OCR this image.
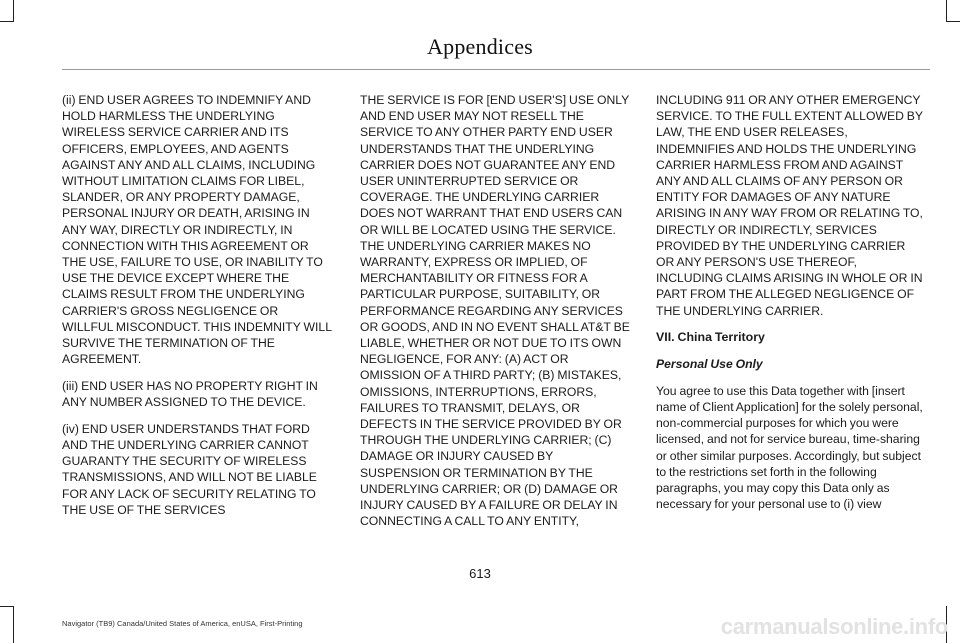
Appendices

(ii) END USER AGREES TO INDEMNIFY AND HOLD HARMLESS THE UNDERLYING WIRELESS SERVICE CARRIER AND ITS OFFICERS, EMPLOYEES, AND AGENTS AGAINST ANY AND ALL CLAIMS, INCLUDING WITHOUT LIMITATION CLAIMS FOR LIBEL, SLANDER, OR ANY PROPERTY DAMAGE, PERSONAL INJURY OR DEATH, ARISING IN ANY WAY, DIRECTLY OR INDIRECTLY, IN CONNECTION WITH THIS AGREEMENT OR THE USE, FAILURE TO USE, OR INABILITY TO USE THE DEVICE EXCEPT WHERE THE CLAIMS RESULT FROM THE UNDERLYING CARRIER'S GROSS NEGLIGENCE OR WILLFUL MISCONDUCT. THIS INDEMNITY WILL SURVIVE THE TERMINATION OF THE AGREEMENT.

(iii) END USER HAS NO PROPERTY RIGHT IN ANY NUMBER ASSIGNED TO THE DEVICE.

(iv) END USER UNDERSTANDS THAT FORD AND THE UNDERLYING CARRIER CANNOT GUARANTY THE SECURITY OF WIRELESS TRANSMISSIONS, AND WILL NOT BE LIABLE FOR ANY LACK OF SECURITY RELATING TO THE USE OF THE SERVICES

THE SERVICE IS FOR [END USER'S] USE ONLY AND END USER MAY NOT RESELL THE SERVICE TO ANY OTHER PARTY END USER UNDERSTANDS THAT THE UNDERLYING CARRIER DOES NOT GUARANTEE ANY END USER UNINTERRUPTED SERVICE OR COVERAGE. THE UNDERLYING CARRIER DOES NOT WARRANT THAT END USERS CAN OR WILL BE LOCATED USING THE SERVICE. THE UNDERLYING CARRIER MAKES NO WARRANTY, EXPRESS OR IMPLIED, OF MERCHANTABILITY OR FITNESS FOR A PARTICULAR PURPOSE, SUITABILITY, OR PERFORMANCE REGARDING ANY SERVICES OR GOODS, AND IN NO EVENT SHALL AT&T BE LIABLE, WHETHER OR NOT DUE TO ITS OWN NEGLIGENCE, FOR ANY: (A) ACT OR OMISSION OF A THIRD PARTY; (B) MISTAKES, OMISSIONS, INTERRUPTIONS, ERRORS, FAILURES TO TRANSMIT, DELAYS, OR DEFECTS IN THE SERVICE PROVIDED BY OR THROUGH THE UNDERLYING CARRIER; (C) DAMAGE OR INJURY CAUSED BY SUSPENSION OR TERMINATION BY THE UNDERLYING CARRIER; OR (D) DAMAGE OR INJURY CAUSED BY A FAILURE OR DELAY IN CONNECTING A CALL TO ANY ENTITY,

INCLUDING 911 OR ANY OTHER EMERGENCY SERVICE. TO THE FULL EXTENT ALLOWED BY LAW, THE END USER RELEASES, INDEMNIFIES AND HOLDS THE UNDERLYING CARRIER HARMLESS FROM AND AGAINST ANY AND ALL CLAIMS OF ANY PERSON OR ENTITY FOR DAMAGES OF ANY NATURE ARISING IN ANY WAY FROM OR RELATING TO, DIRECTLY OR INDIRECTLY, SERVICES PROVIDED BY THE UNDERLYING CARRIER OR ANY PERSON'S USE THEREOF, INCLUDING CLAIMS ARISING IN WHOLE OR IN PART FROM THE ALLEGED NEGLIGENCE OF THE UNDERLYING CARRIER.

VII. China Territory

Personal Use Only

You agree to use this Data together with [insert name of Client Application] for the solely personal, non-commercial purposes for which you were licensed, and not for service bureau, time-sharing or other similar purposes. Accordingly, but subject to the restrictions set forth in the following paragraphs, you may copy this Data only as necessary for your personal use to (i) view

613
Navigator (TB9) Canada/United States of America, enUSA, First-Printing	carmanualsonline.info
